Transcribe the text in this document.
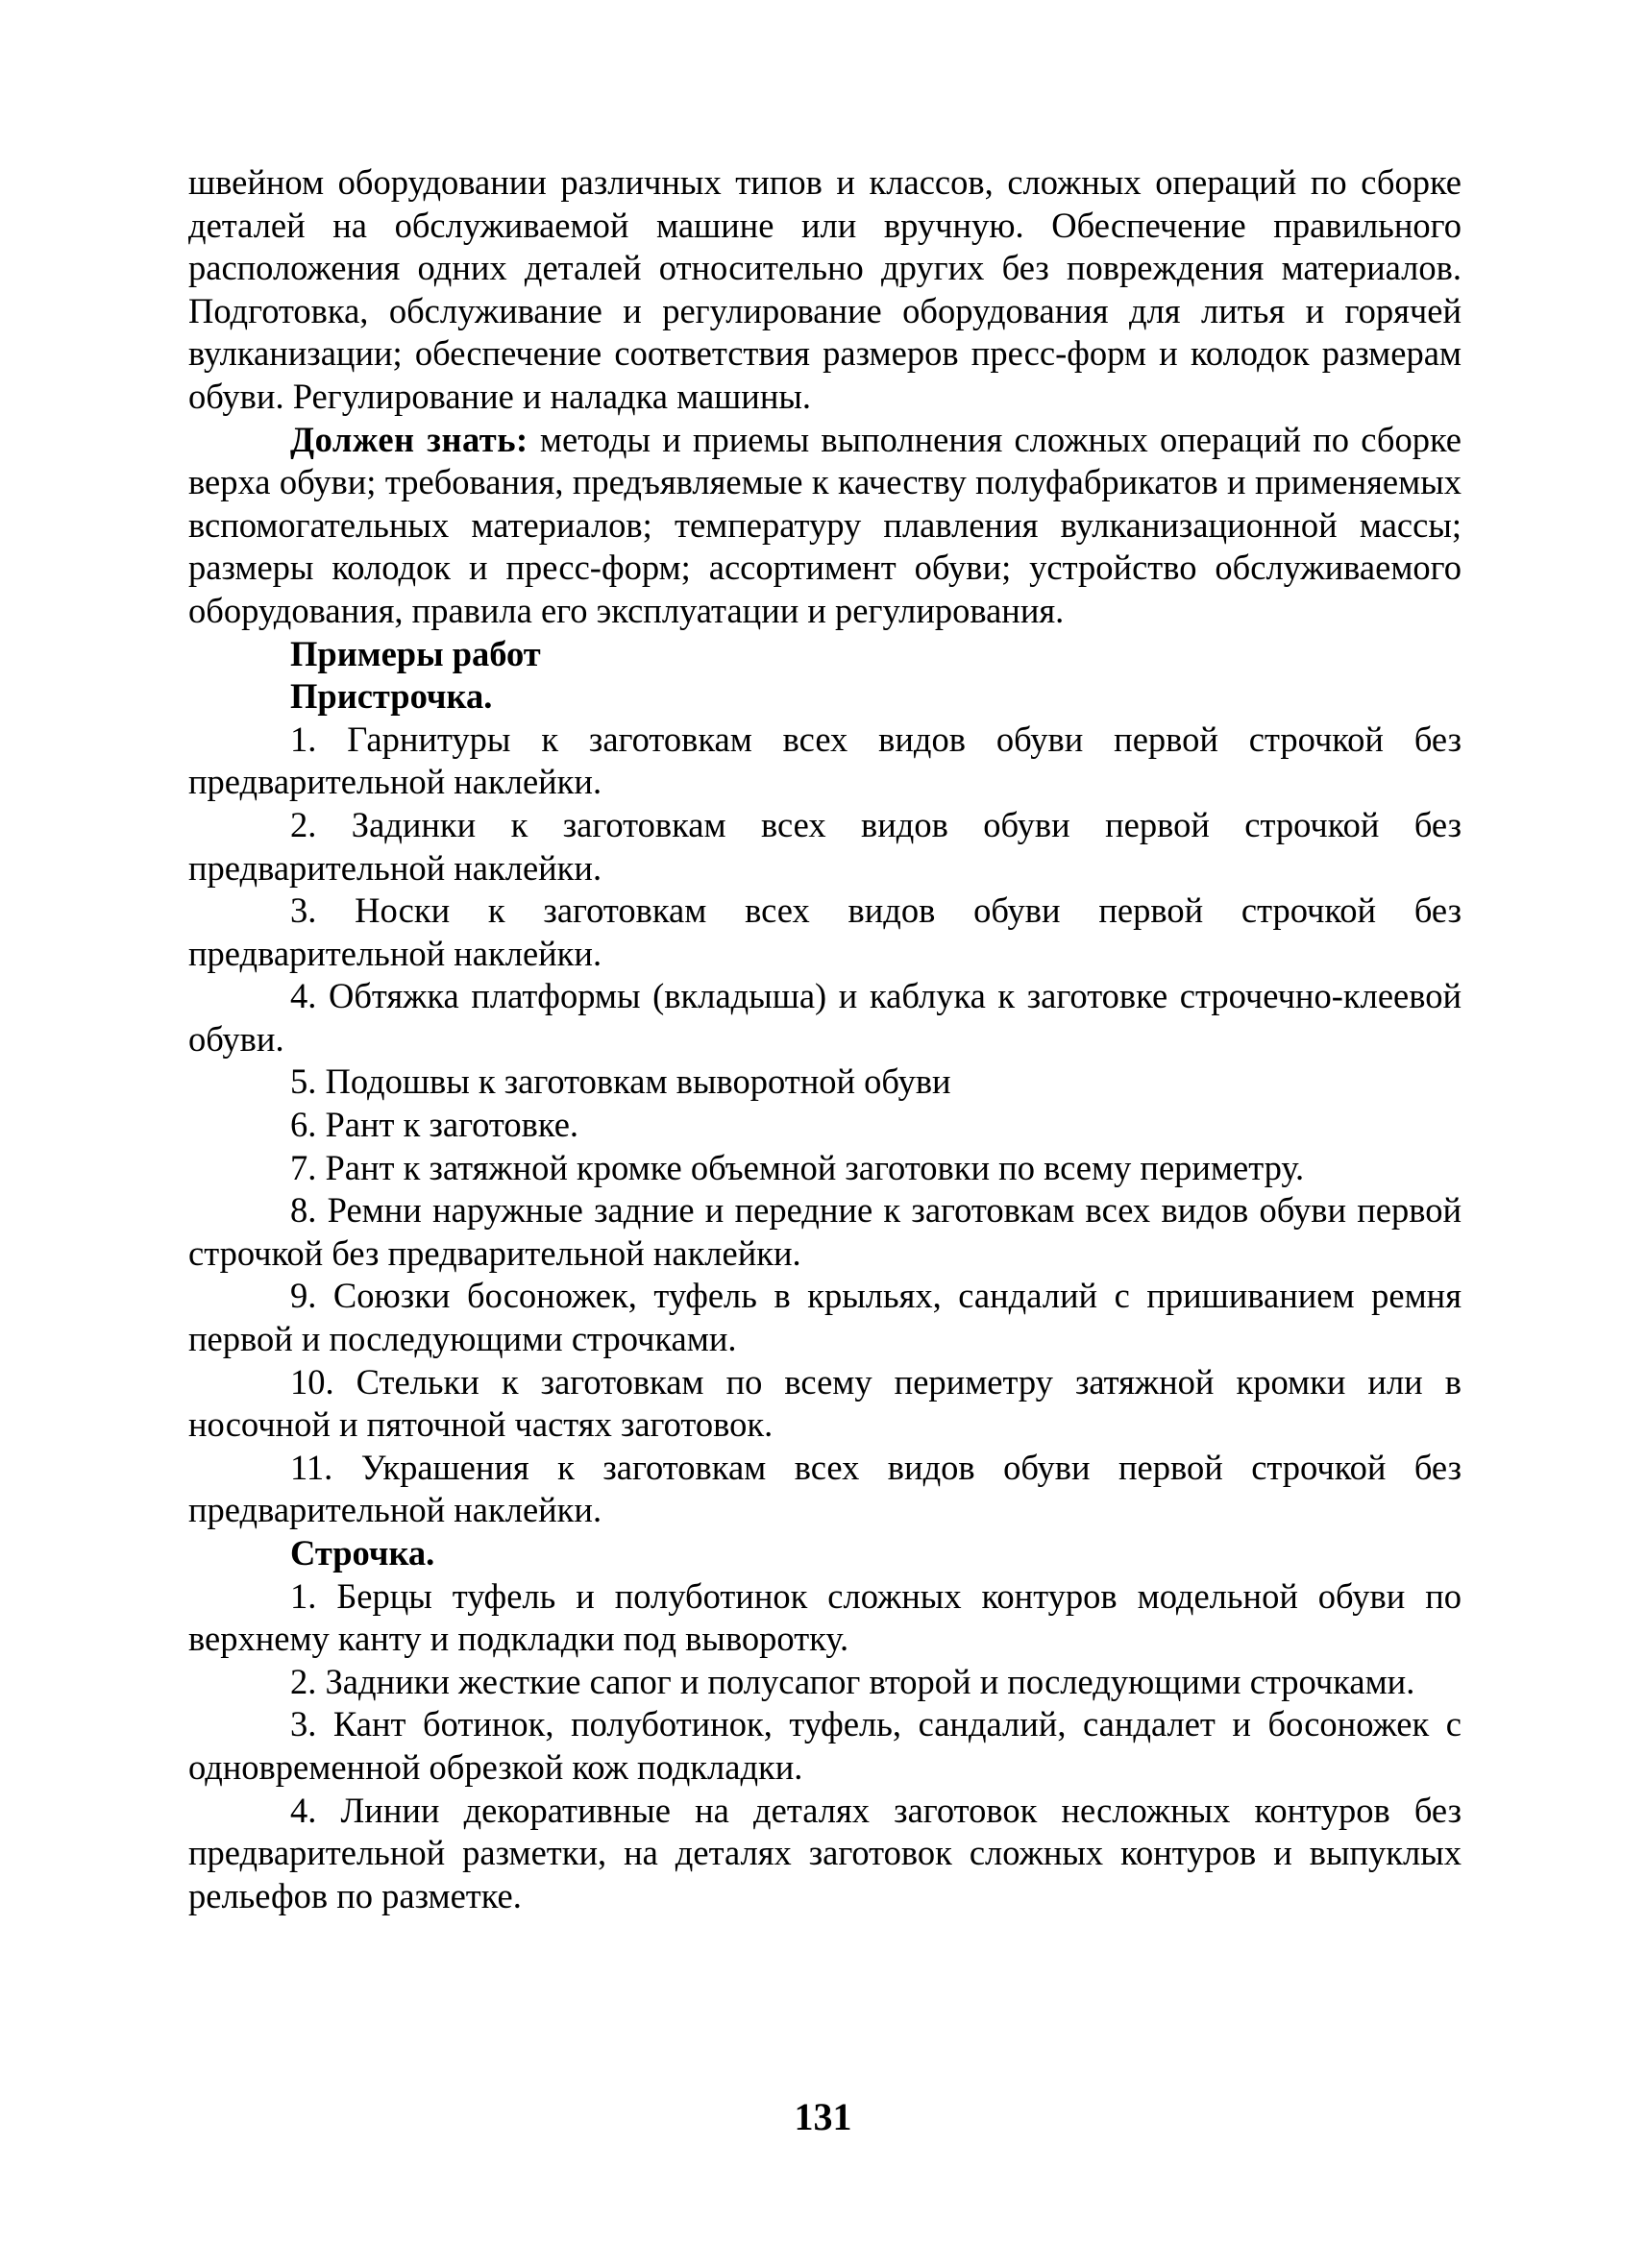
швейном оборудовании различных типов и классов, сложных операций по сборке деталей на обслуживаемой машине или вручную. Обеспечение правильного расположения одних деталей относительно других без повреждения материалов. Подготовка, обслуживание и регулирование оборудования для литья и горячей вулканизации; обеспечение соответствия размеров пресс-форм и колодок размерам обуви. Регулирование и наладка машины.

Должен знать: методы и приемы выполнения сложных операций по сборке верха обуви; требования, предъявляемые к качеству полуфабрикатов и применяемых вспомогательных материалов; температуру плавления вулканизационной массы; размеры колодок и пресс-форм; ассортимент обуви; устройство обслуживаемого оборудования, правила его эксплуатации и регулирования.

Примеры работ

Пристрочка.

1. Гарнитуры к заготовкам всех видов обуви первой строчкой без предварительной наклейки.

2. Задинки к заготовкам всех видов обуви первой строчкой без предварительной наклейки.

3. Носки к заготовкам всех видов обуви первой строчкой без предварительной наклейки.

4. Обтяжка платформы (вкладыша) и каблука к заготовке строчечно-клеевой обуви.

5. Подошвы к заготовкам выворотной обуви

6. Рант к заготовке.

7. Рант к затяжной кромке объемной заготовки по всему периметру.

8. Ремни наружные задние и передние к заготовкам всех видов обуви первой строчкой без предварительной наклейки.

9. Союзки босоножек, туфель в крыльях, сандалий с пришиванием ремня первой и последующими строчками.

10. Стельки к заготовкам по всему периметру затяжной кромки или в носочной и пяточной частях заготовок.

11. Украшения к заготовкам всех видов обуви первой строчкой без предварительной наклейки.

Строчка.

1. Берцы туфель и полуботинок сложных контуров модельной обуви по верхнему канту и подкладки под выворотку.

2. Задники жесткие сапог и полусапог второй и последующими строчками.

3. Кант ботинок, полуботинок, туфель, сандалий, сандалет и босоножек с одновременной обрезкой кож подкладки.

4. Линии декоративные на деталях заготовок несложных контуров без предварительной разметки, на деталях заготовок сложных контуров и выпуклых рельефов по разметке.

131
